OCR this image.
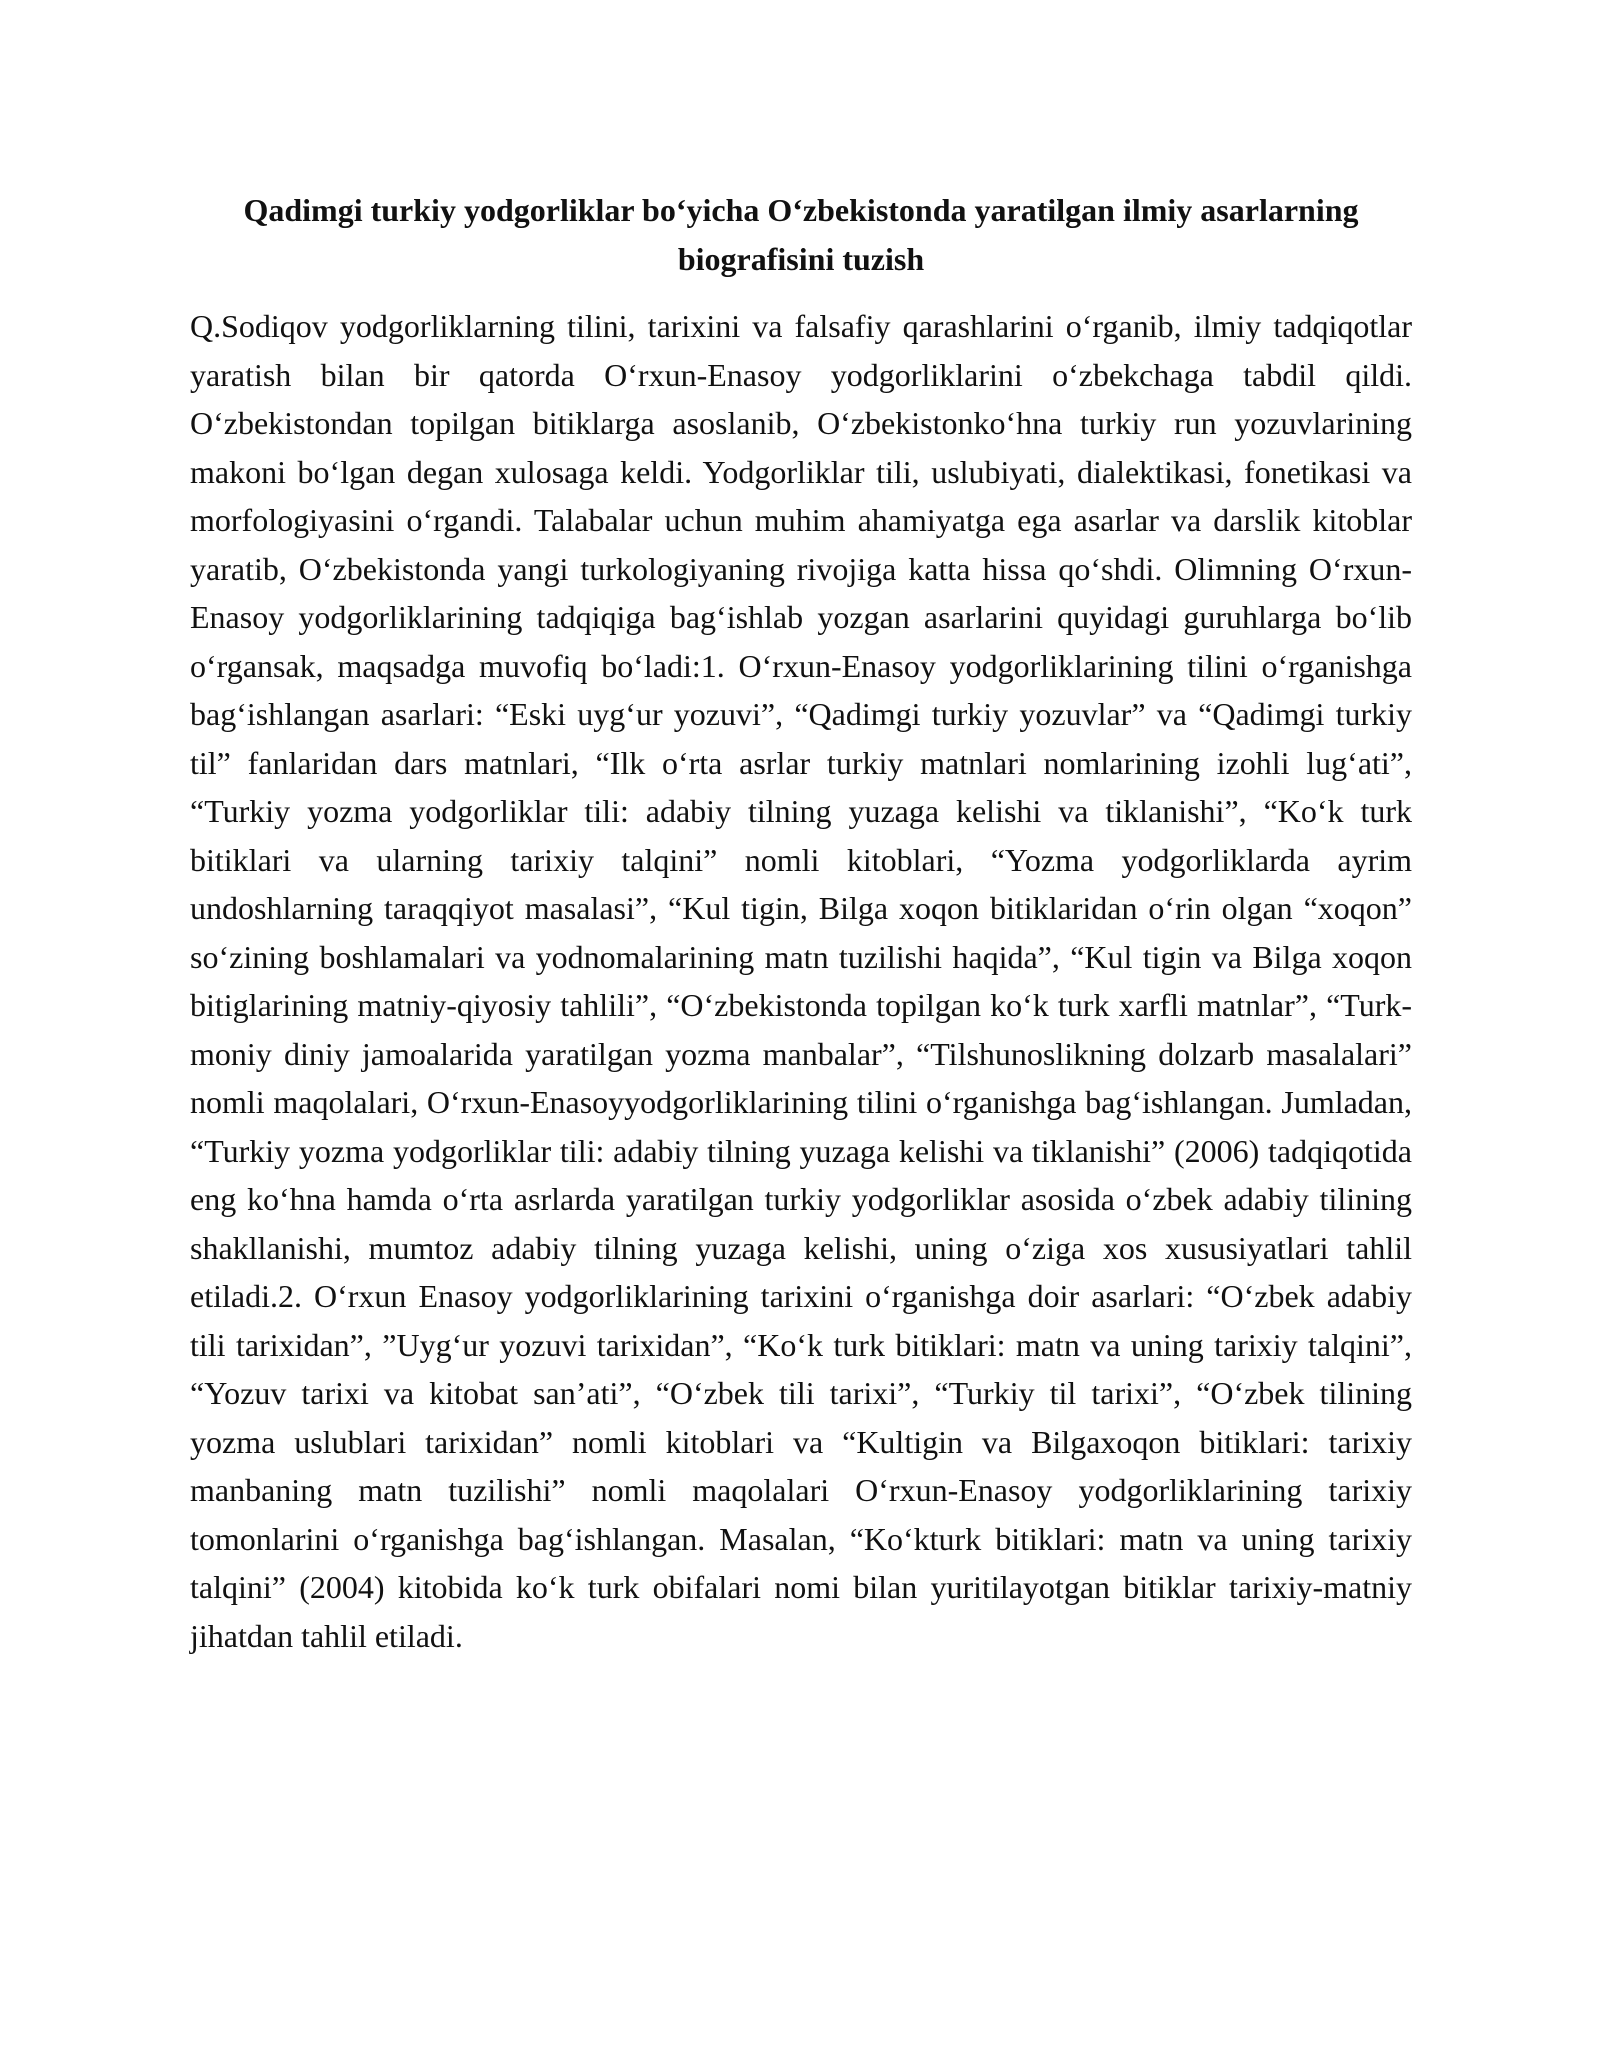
Qadimgi turkiy yodgorliklar bo‘yicha O‘zbekistonda yaratilgan ilmiy asarlarning biografisini tuzish

Q.Sodiqov yodgorliklarning tilini, tarixini va falsafiy qarashlarini o‘rganib, ilmiy tadqiqotlar yaratish bilan bir qatorda O‘rxun-Enasoy yodgorliklarini o‘zbekchaga tabdil qildi. O‘zbekistondan topilgan bitiklarga asoslanib, O‘zbekistonko‘hna turkiy run yozuvlarining makoni bo‘lgan degan xulosaga keldi. Yodgorliklar tili, uslubiyati, dialektikasi, fonetikasi va morfologiyasini o‘rgandi. Talabalar uchun muhim ahamiyatga ega asarlar va darslik kitoblar yaratib, O‘zbekistonda yangi turkologiyaning rivojiga katta hissa qo‘shdi. Olimning O‘rxun-Enasoy yodgorliklarining tadqiqiga bag‘ishlab yozgan asarlarini quyidagi guruhlarga bo‘lib o‘rgansak, maqsadga muvofiq bo‘ladi:1. O‘rxun-Enasoy yodgorliklarining tilini o‘rganishga bag‘ishlangan asarlari: “Eski uyg‘ur yozuvi”, “Qadimgi turkiy yozuvlar” va “Qadimgi turkiy til” fanlaridan dars matnlari, “Ilk o‘rta asrlar turkiy matnlari nomlarining izohli lug‘ati”, “Turkiy yozma yodgorliklar tili: adabiy tilning yuzaga kelishi va tiklanishi”, “Ko‘k turk bitiklari va ularning tarixiy talqini” nomli kitoblari, “Yozma yodgorliklarda ayrim undoshlarning taraqqiyot masalasi”, “Kul tigin, Bilga xoqon bitiklaridan o‘rin olgan “xoqon” so‘zining boshlamalari va yodnomalarining matn tuzilishi haqida”, “Kul tigin va Bilga xoqon bitiglarining matniy-qiyosiy tahlili”, “O‘zbekistonda topilgan ko‘k turk xarfli matnlar”, “Turk-moniy diniy jamoalarida yaratilgan yozma manbalar”, “Tilshunoslikning dolzarb masalalari” nomli maqolalari, O‘rxun-Enasoyyodgorliklarining tilini o‘rganishga bag‘ishlangan. Jumladan, “Turkiy yozma yodgorliklar tili: adabiy tilning yuzaga kelishi va tiklanishi” (2006) tadqiqotida eng ko‘hna hamda o‘rta asrlarda yaratilgan turkiy yodgorliklar asosida o‘zbek adabiy tilining shakllanishi, mumtoz adabiy tilning yuzaga kelishi, uning o‘ziga xos xususiyatlari tahlil etiladi.2. O‘rxun Enasoy yodgorliklarining tarixini o‘rganishga doir asarlari: “O‘zbek adabiy tili tarixidan”, ”Uyg‘ur yozuvi tarixidan”, “Ko‘k turk bitiklari: matn va uning tarixiy talqini”, “Yozuv tarixi va kitobat san’ati”, “O‘zbek tili tarixi”, “Turkiy til tarixi”, “O‘zbek tilining yozma uslublari tarixidan” nomli kitoblari va “Kultigin va Bilgaxoqon bitiklari: tarixiy manbaning matn tuzilishi” nomli maqolalari O‘rxun-Enasoy yodgorliklarining tarixiy tomonlarini o‘rganishga bag‘ishlangan. Masalan, “Ko‘kturk bitiklari: matn va uning tarixiy talqini” (2004) kitobida ko‘k turk obifalari nomi bilan yuritilayotgan bitiklar tarixiy-matniy jihatdan tahlil etiladi.
